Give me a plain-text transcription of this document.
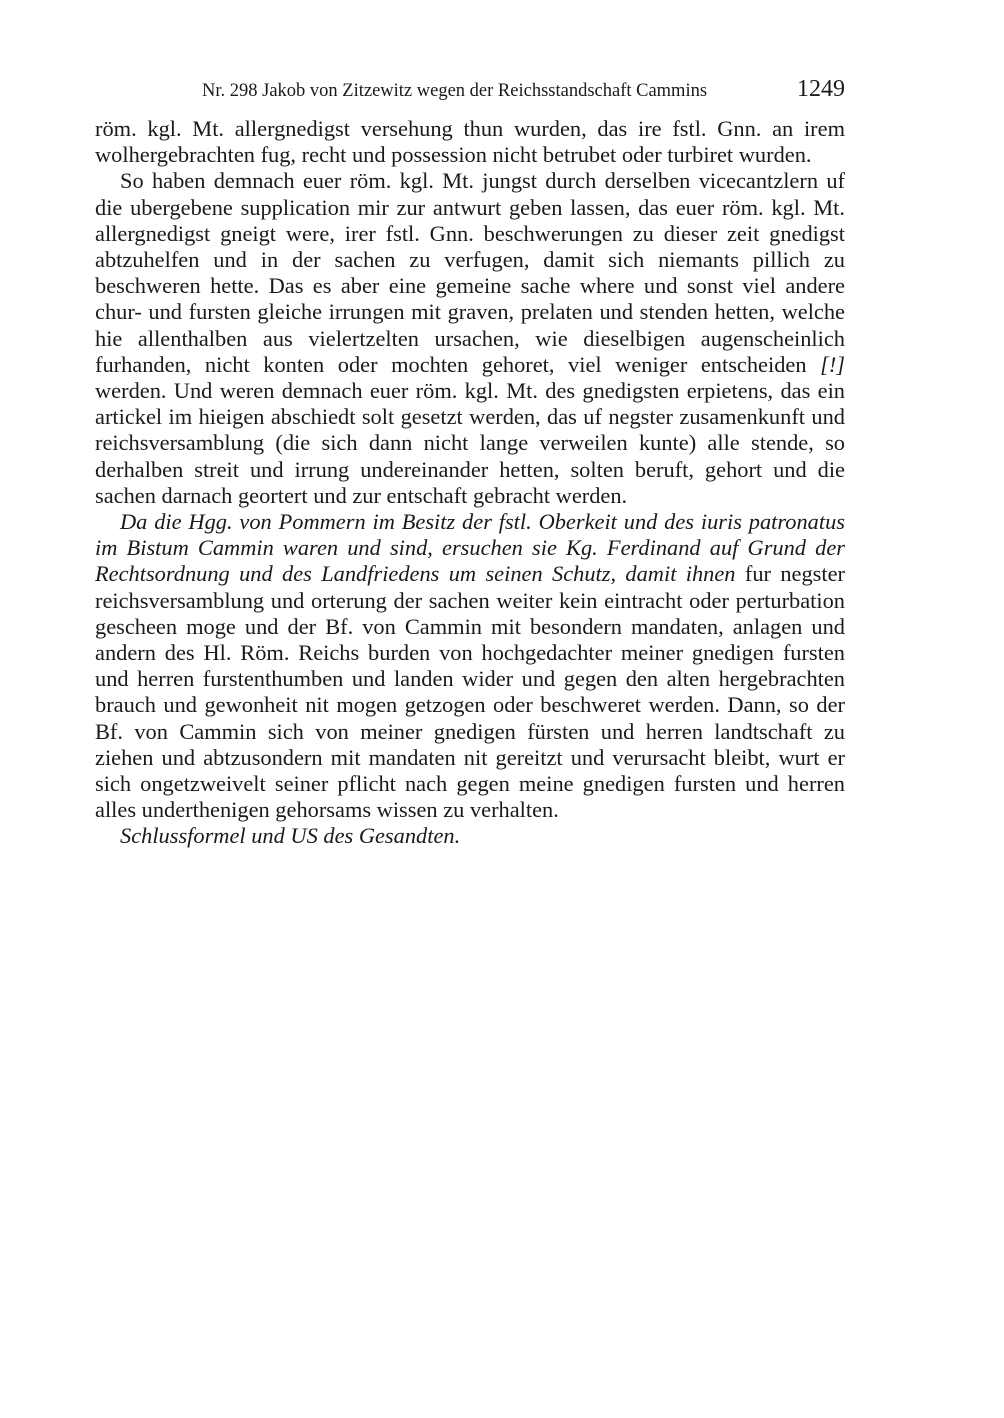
Nr. 298 Jakob von Zitzewitz wegen der Reichsstandschaft Cammins	1249

röm. kgl. Mt. allergnedigst versehung thun wurden, das ire fstl. Gnn. an irem wolhergebrachten fug, recht und possession nicht betrubet oder turbiret wurden.

So haben demnach euer röm. kgl. Mt. jungst durch derselben vicecantzlern uf die ubergebene supplication mir zur antwurt geben lassen, das euer röm. kgl. Mt. allergnedigst gneigt were, irer fstl. Gnn. beschwerungen zu dieser zeit gnedigst abtzuhelfen und in der sachen zu verfugen, damit sich niemants pillich zu beschweren hette. Das es aber eine gemeine sache where und sonst viel andere chur- und fursten gleiche irrungen mit graven, prelaten und stenden hetten, welche hie allenthalben aus vielertzelten ursachen, wie dieselbigen augenscheinlich furhanden, nicht konten oder mochten gehoret, viel weniger entscheiden [!] werden. Und weren demnach euer röm. kgl. Mt. des gnedigsten erpietens, das ein artickel im hieigen abschiedt solt gesetzt werden, das uf negster zusamenkunft und reichsversamblung (die sich dann nicht lange verweilen kunte) alle stende, so derhalben streit und irrung undereinander hetten, solten beruft, gehort und die sachen darnach geortert und zur entschaft gebracht werden.

Da die Hgg. von Pommern im Besitz der fstl. Oberkeit und des iuris patronatus im Bistum Cammin waren und sind, ersuchen sie Kg. Ferdinand auf Grund der Rechtsordnung und des Landfriedens um seinen Schutz, damit ihnen fur negster reichsversamblung und orterung der sachen weiter kein eintracht oder perturbation gescheen moge und der Bf. von Cammin mit besondern mandaten, anlagen und andern des Hl. Röm. Reichs burden von hochgedachter meiner gnedigen fursten und herren furstenthumben und landen wider und gegen den alten hergebrachten brauch und gewonheit nit mogen getzogen oder beschweret werden. Dann, so der Bf. von Cammin sich von meiner gnedigen fürsten und herren landtschaft zu ziehen und abtzusondern mit mandaten nit gereitzt und verursacht bleibt, wurt er sich ongetzweivelt seiner pflicht nach gegen meine gnedigen fursten und herren alles underthenigen gehorsams wissen zu verhalten.

Schlussformel und US des Gesandten.
